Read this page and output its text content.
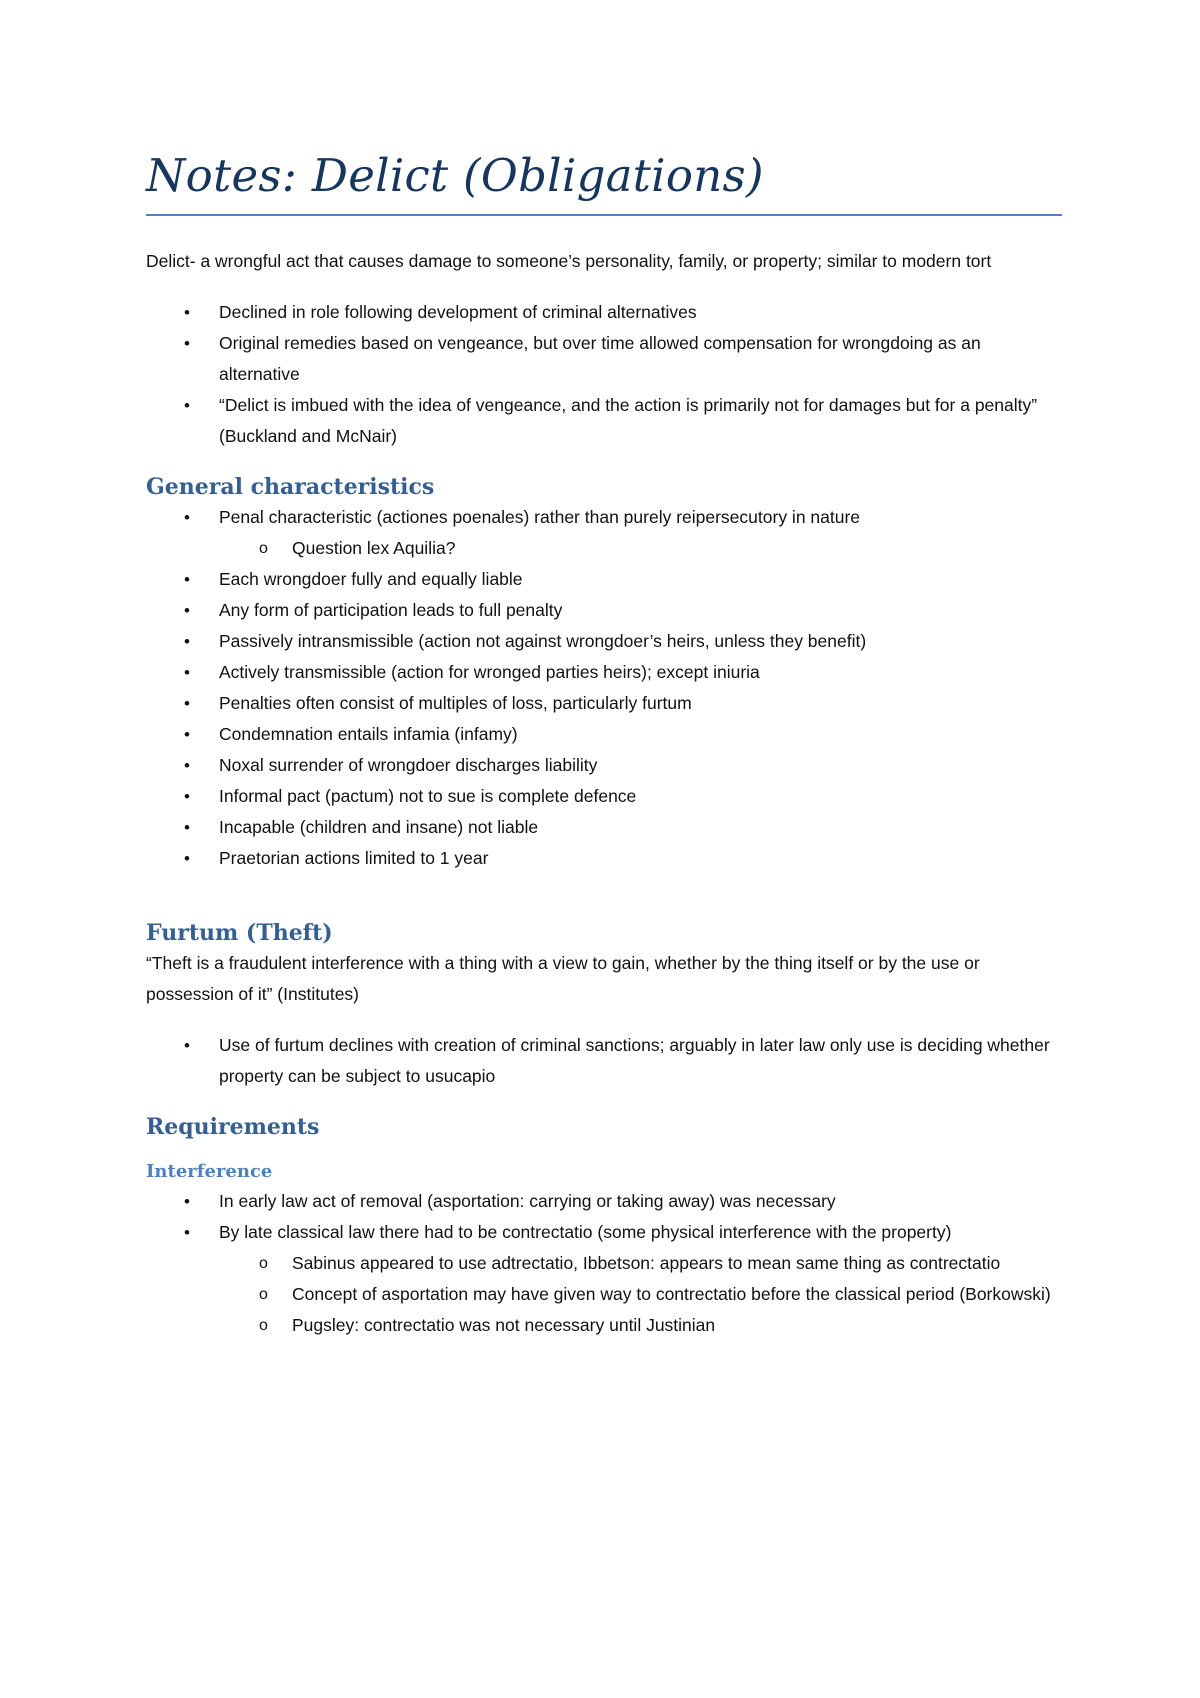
Notes: Delict (Obligations)

Delict- a wrongful act that causes damage to someone’s personality, family, or property; similar to modern tort

• Declined in role following development of criminal alternatives
• Original remedies based on vengeance, but over time allowed compensation for wrongdoing as an alternative
• “Delict is imbued with the idea of vengeance, and the action is primarily not for damages but for a penalty” (Buckland and McNair)
General characteristics
• Penal characteristic (actiones poenales) rather than purely reipersecutory in nature
o Question lex Aquilia?
• Each wrongdoer fully and equally liable
• Any form of participation leads to full penalty
• Passively intransmissible (action not against wrongdoer’s heirs, unless they benefit)
• Actively transmissible (action for wronged parties heirs); except iniuria
• Penalties often consist of multiples of loss, particularly furtum
• Condemnation entails infamia (infamy)
• Noxal surrender of wrongdoer discharges liability
• Informal pact (pactum) not to sue is complete defence
• Incapable (children and insane) not liable
• Praetorian actions limited to 1 year
Furtum (Theft)

“Theft is a fraudulent interference with a thing with a view to gain, whether by the thing itself or by the use or possession of it” (Institutes)

• Use of furtum declines with creation of criminal sanctions; arguably in later law only use is deciding whether property can be subject to usucapio
Requirements
Interference
• In early law act of removal (asportation: carrying or taking away) was necessary
• By late classical law there had to be contrectatio (some physical interference with the property)
o Sabinus appeared to use adtrectatio, Ibbetson: appears to mean same thing as contrectatio
o Concept of asportation may have given way to contrectatio before the classical period (Borkowski)
o Pugsley: contrectatio was not necessary until Justinian
